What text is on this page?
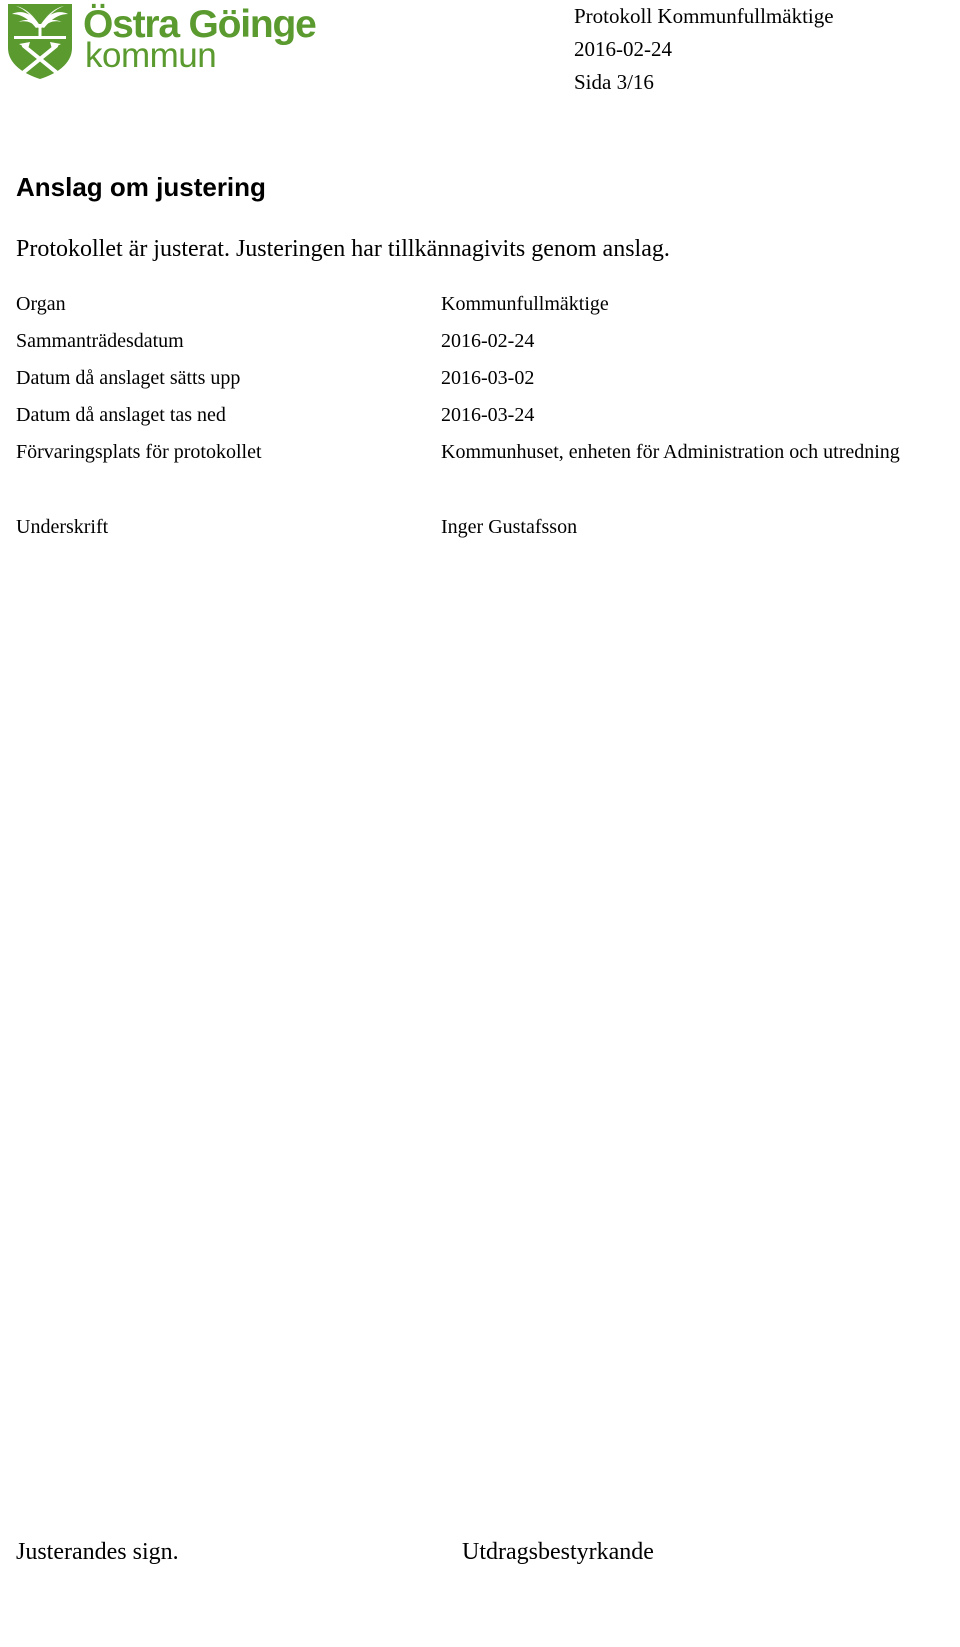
Östra Göinge
kommun
Protokoll Kommunfullmäktige
2016-02-24
Sida 3/16
Anslag om justering

Protokollet är justerat. Justeringen har tillkännagivits genom anslag.

Organ	Kommunfullmäktige
Sammanträdesdatum	2016-02-24
Datum då anslaget sätts upp	2016-03-02
Datum då anslaget tas ned	2016-03-24
Förvaringsplats för protokollet	Kommunhuset, enheten för Administration och utredning
Underskrift	Inger Gustafsson
Justerandes sign.	Utdragsbestyrkande
